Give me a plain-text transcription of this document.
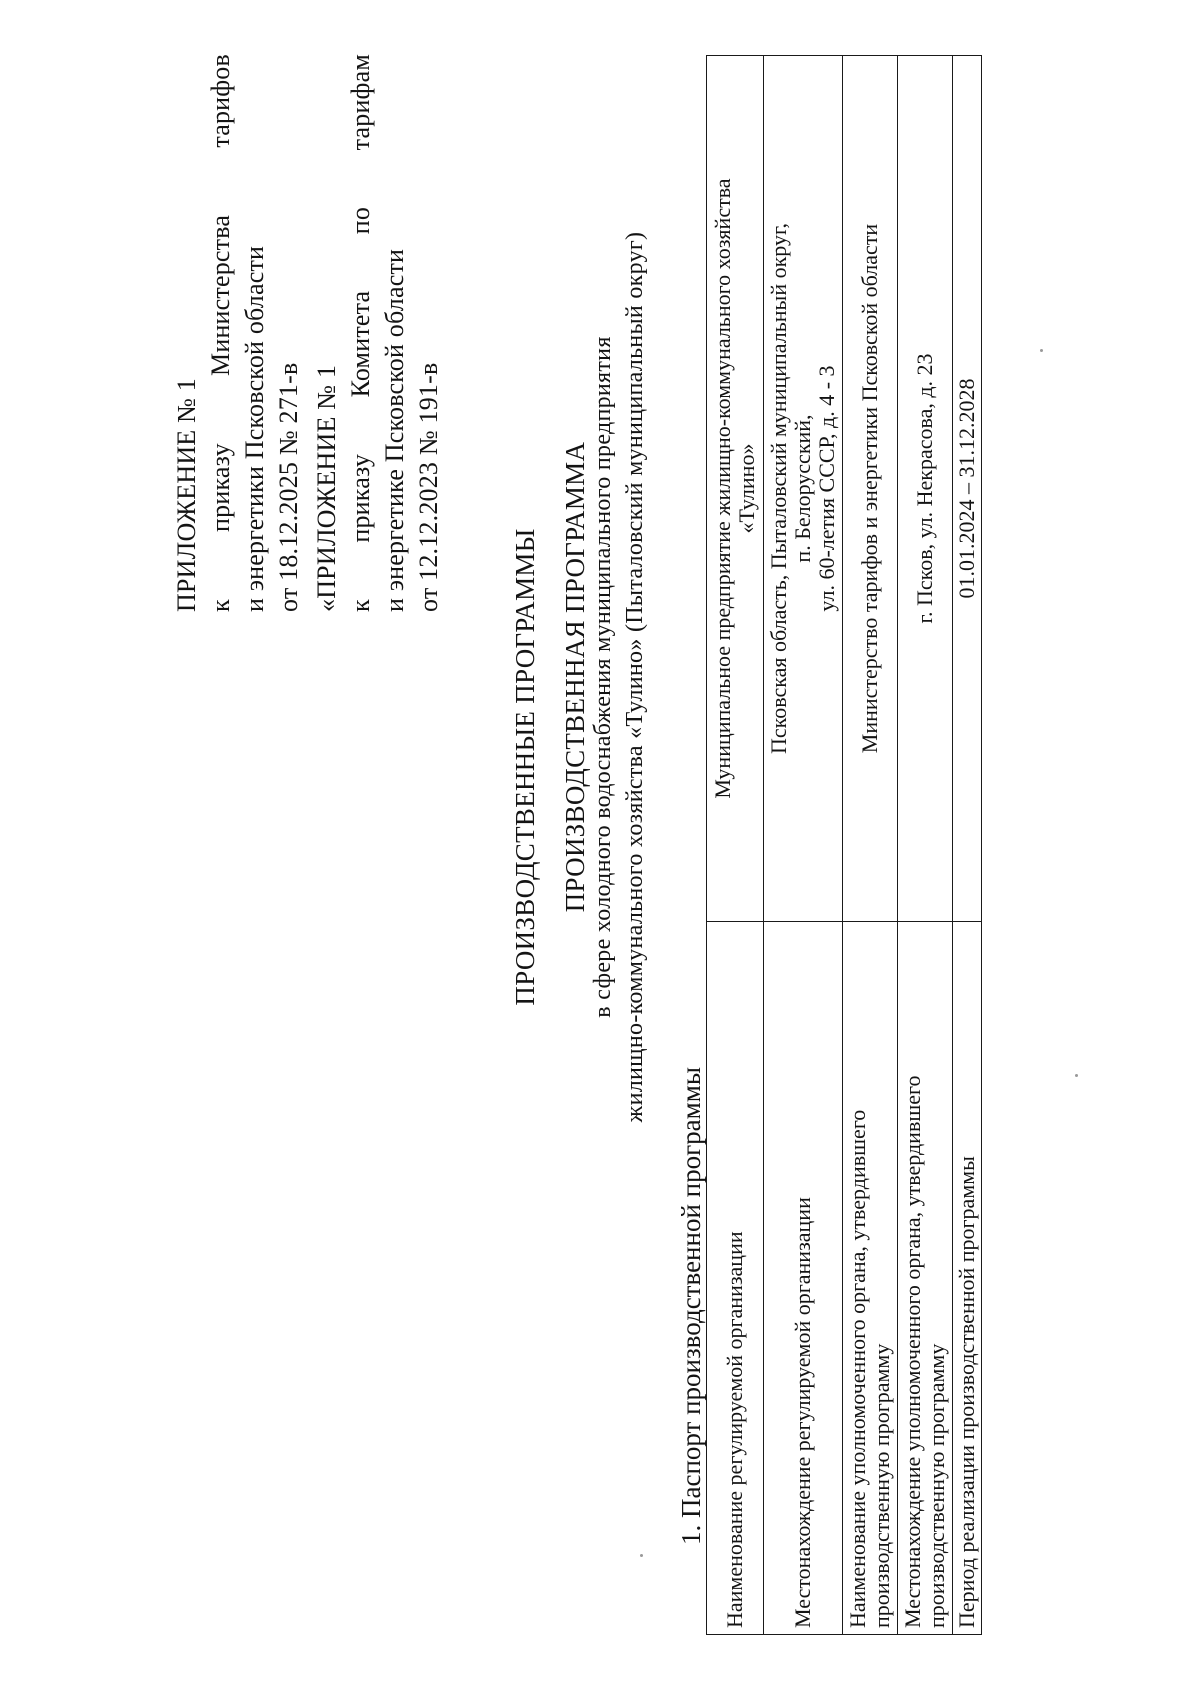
ПРИЛОЖЕНИЕ № 1 к
приказу
Министерства
тарифов
и энергетики Псковской области от 18.12.2025 № 271-в «ПРИЛОЖЕНИЕ № 1 к
приказу
Комитета
по
тарифам
и энергетике Псковской области от 12.12.2023 № 191-в
ПРОИЗВОДСТВЕННЫЕ ПРОГРАММЫ ПРОИЗВОДСТВЕННАЯ ПРОГРАММА в сфере холодного водоснабжения муниципального предприятия жилищно-коммунального хозяйства «Тулино» (Пыталовский муниципальный округ)
1. Паспорт производственной программы Наименование регулируемой организации	Муниципальное предприятие жилищно-коммунального хозяйства «Тулино»

Местонахождение регулируемой организации	Псковская область, Пыталовский муниципальный округ, п. Белорусский, ул. 60-летия СССР, д. 4 - 3

Наименование уполномоченного органа, утвердившего производственную программу	Министерство тарифов и энергетики Псковской области

Местонахождение уполномоченного органа, утвердившего производственную программу	г. Псков, ул. Некрасова, д. 23

Период реализации производственной программы	01.01.2024 – 31.12.2028
